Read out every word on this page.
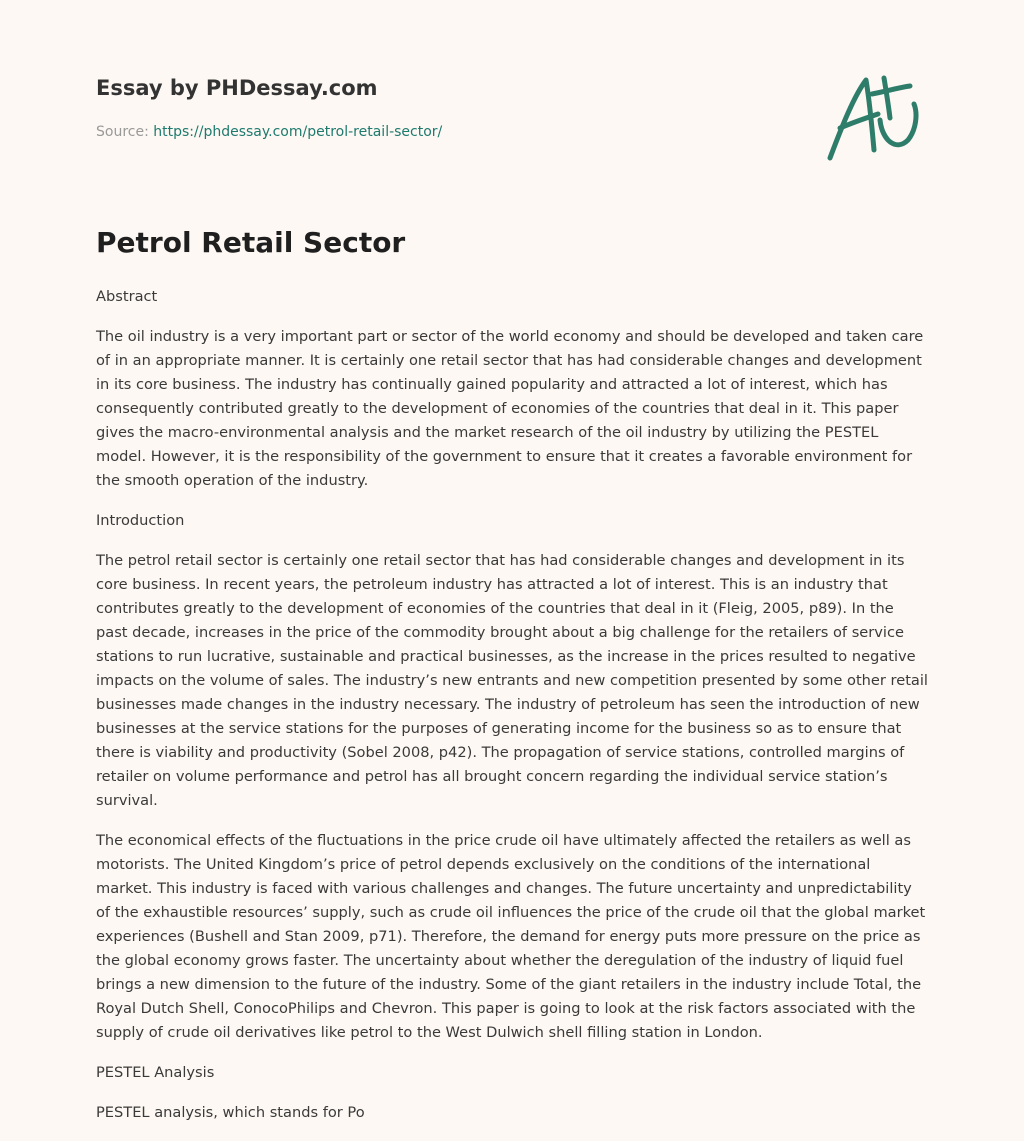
Essay by PHDessay.com
Source: https://phdessay.com/petrol-retail-sector/
Petrol Retail Sector

Abstract

The oil industry is a very important part or sector of the world economy and should be developed and taken care of in an appropriate manner. It is certainly one retail sector that has had considerable changes and development in its core business. The industry has continually gained popularity and attracted a lot of interest, which has consequently contributed greatly to the development of economies of the countries that deal in it. This paper gives the macro-environmental analysis and the market research of the oil industry by utilizing the PESTEL model. However, it is the responsibility of the government to ensure that it creates a favorable environment for the smooth operation of the industry.

Introduction

The petrol retail sector is certainly one retail sector that has had considerable changes and development in its core business. In recent years, the petroleum industry has attracted a lot of interest. This is an industry that contributes greatly to the development of economies of the countries that deal in it (Fleig, 2005, p89). In the past decade, increases in the price of the commodity brought about a big challenge for the retailers of service stations to run lucrative, sustainable and practical businesses, as the increase in the prices resulted to negative impacts on the volume of sales. The industry’s new entrants and new competition presented by some other retail businesses made changes in the industry necessary. The industry of petroleum has seen the introduction of new businesses at the service stations for the purposes of generating income for the business so as to ensure that there is viability and productivity (Sobel 2008, p42). The propagation of service stations, controlled margins of retailer on volume performance and petrol has all brought concern regarding the individual service station’s survival.

The economical effects of the fluctuations in the price crude oil have ultimately affected the retailers as well as motorists. The United Kingdom’s price of petrol depends exclusively on the conditions of the international market. This industry is faced with various challenges and changes. The future uncertainty and unpredictability of the exhaustible resources’ supply, such as crude oil influences the price of the crude oil that the global market experiences (Bushell and Stan 2009, p71). Therefore, the demand for energy puts more pressure on the price as the global economy grows faster. The uncertainty about whether the deregulation of the industry of liquid fuel brings a new dimension to the future of the industry. Some of the giant retailers in the industry include Total, the Royal Dutch Shell, ConocoPhilips and Chevron. This paper is going to look at the risk factors associated with the supply of crude oil derivatives like petrol to the West Dulwich shell filling station in London.

PESTEL Analysis

PESTEL analysis, which stands for Po
